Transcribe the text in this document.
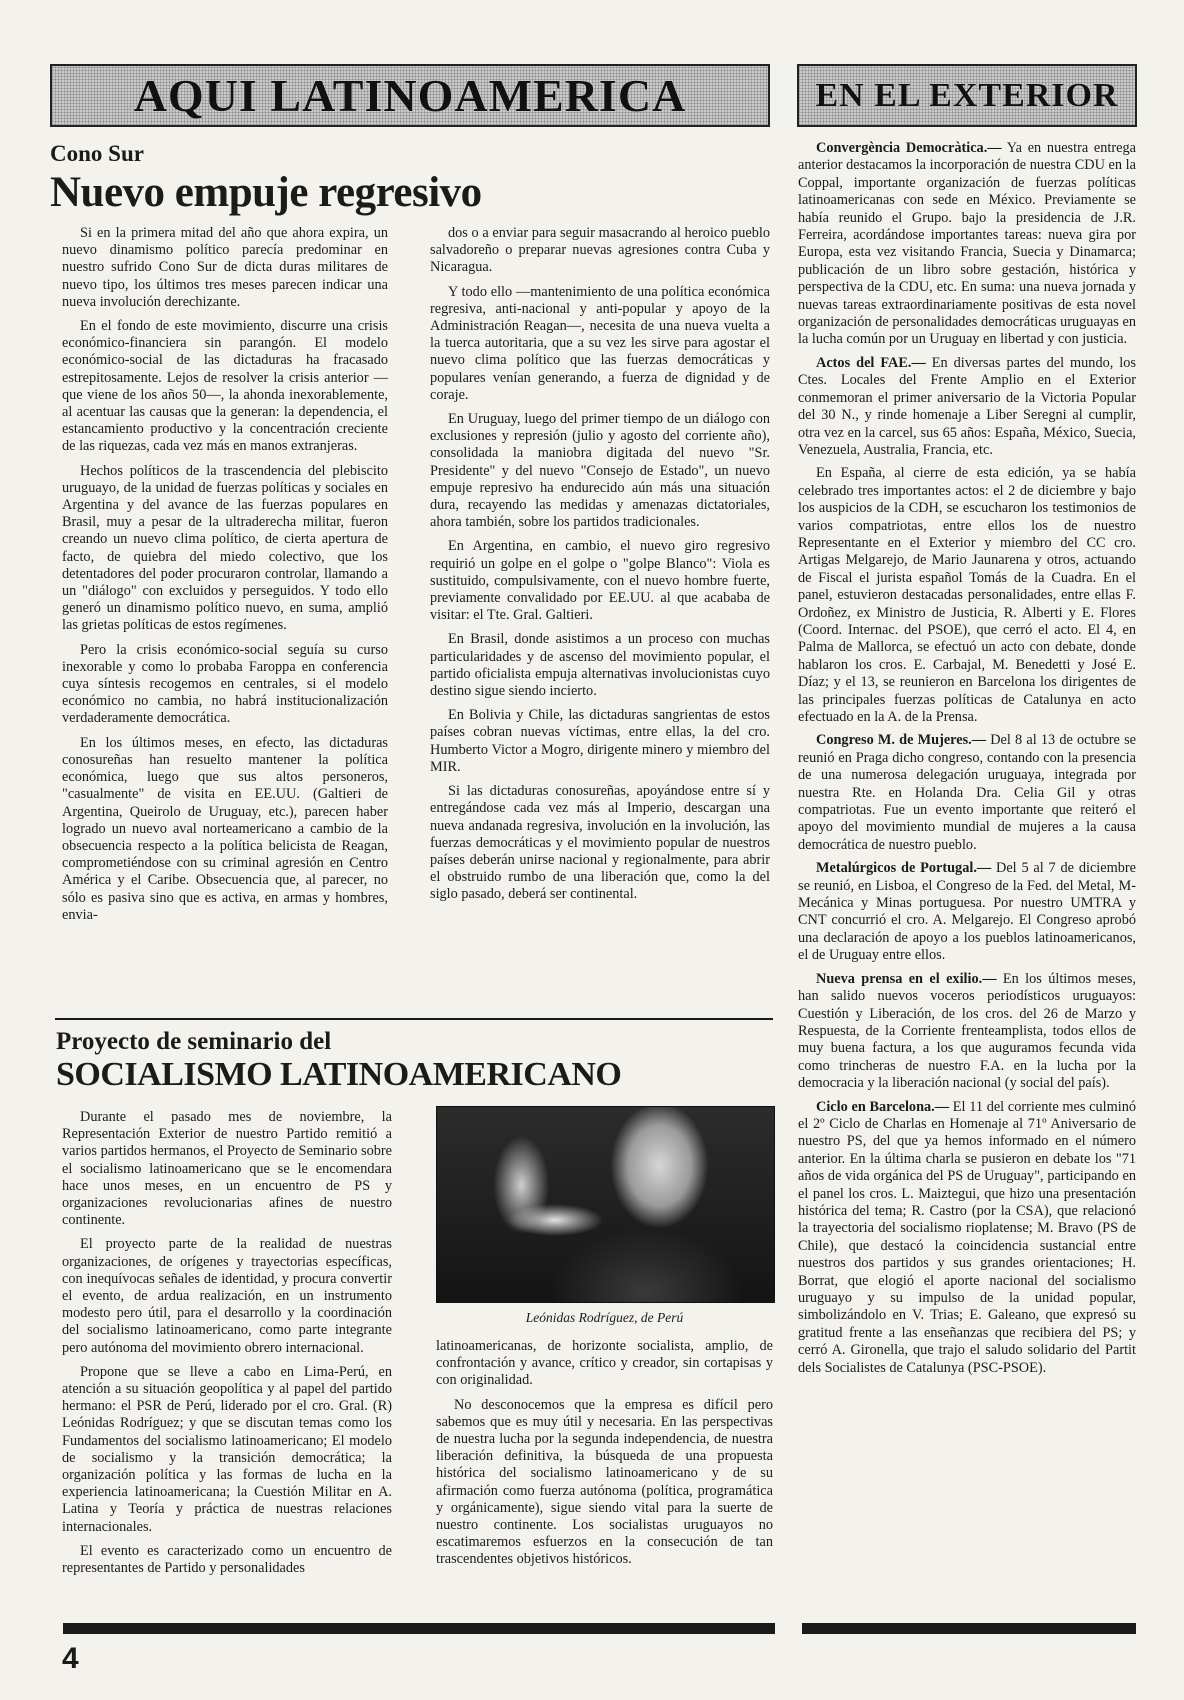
AQUI LATINOAMERICA	EN EL EXTERIOR
Cono Sur
Nuevo empuje regresivo

Si en la primera mitad del año que ahora expira, un nuevo dinamismo político parecía predominar en nuestro sufrido Cono Sur de dicta duras militares de nuevo tipo, los últimos tres meses parecen indicar una nueva involución derechizante.

En el fondo de este movimiento, discurre una crisis económico-financiera sin parangón. El modelo económico-social de las dictaduras ha fracasado estrepitosamente. Lejos de resolver la crisis anterior —que viene de los años 50—, la ahonda inexorablemente, al acentuar las causas que la generan: la dependencia, el estancamiento productivo y la concentración creciente de las riquezas, cada vez más en manos extranjeras.

Hechos políticos de la trascendencia del plebiscito uruguayo, de la unidad de fuerzas políticas y sociales en Argentina y del avance de las fuerzas populares en Brasil, muy a pesar de la ultraderecha militar, fueron creando un nuevo clima político, de cierta apertura de facto, de quiebra del miedo colectivo, que los detentadores del poder procuraron controlar, llamando a un "diálogo" con excluidos y perseguidos. Y todo ello generó un dinamismo político nuevo, en suma, amplió las grietas políticas de estos regímenes.

Pero la crisis económico-social seguía su curso inexorable y como lo probaba Faroppa en conferencia cuya síntesis recogemos en centrales, si el modelo económico no cambia, no habrá institucionalización verdaderamente democrática.

En los últimos meses, en efecto, las dictaduras conosureñas han resuelto mantener la política económica, luego que sus altos personeros, "casualmente" de visita en EE.UU. (Galtieri de Argentina, Queirolo de Uruguay, etc.), parecen haber logrado un nuevo aval norteamericano a cambio de la obsecuencia respecto a la política belicista de Reagan, comprometiéndose con su criminal agresión en Centro América y el Caribe. Obsecuencia que, al parecer, no sólo es pasiva sino que es activa, en armas y hombres, envia-

dos o a enviar para seguir masacrando al heroico pueblo salvadoreño o preparar nuevas agresiones contra Cuba y Nicaragua.

Y todo ello —mantenimiento de una política económica regresiva, anti-nacional y anti-popular y apoyo de la Administración Reagan—, necesita de una nueva vuelta a la tuerca autoritaria, que a su vez les sirve para agostar el nuevo clima político que las fuerzas democráticas y populares venían generando, a fuerza de dignidad y de coraje.

En Uruguay, luego del primer tiempo de un diálogo con exclusiones y represión (julio y agosto del corriente año), consolidada la maniobra digitada del nuevo "Sr. Presidente" y del nuevo "Consejo de Estado", un nuevo empuje represivo ha endurecido aún más una situación dura, recayendo las medidas y amenazas dictatoriales, ahora también, sobre los partidos tradicionales.

En Argentina, en cambio, el nuevo giro regresivo requirió un golpe en el golpe o "golpe Blanco": Viola es sustituido, compulsivamente, con el nuevo hombre fuerte, previamente convalidado por EE.UU. al que acababa de visitar: el Tte. Gral. Galtieri.

En Brasil, donde asistimos a un proceso con muchas particularidades y de ascenso del movimiento popular, el partido oficialista empuja alternativas involucionistas cuyo destino sigue siendo incierto.

En Bolivia y Chile, las dictaduras sangrientas de estos países cobran nuevas víctimas, entre ellas, la del cro. Humberto Victor a Mogro, dirigente minero y miembro del MIR.

Si las dictaduras conosureñas, apoyándose entre sí y entregándose cada vez más al Imperio, descargan una nueva andanada regresiva, involución en la involución, las fuerzas democráticas y el movimiento popular de nuestros países deberán unirse nacional y regionalmente, para abrir el obstruido rumbo de una liberación que, como la del siglo pasado, deberá ser continental.

Proyecto de seminario del
SOCIALISMO LATINOAMERICANO

Durante el pasado mes de noviembre, la Representación Exterior de nuestro Partido remitió a varios partidos hermanos, el Proyecto de Seminario sobre el socialismo latinoamericano que se le encomendara hace unos meses, en un encuentro de PS y organizaciones revolucionarias afines de nuestro continente.

El proyecto parte de la realidad de nuestras organizaciones, de orígenes y trayectorias específicas, con inequívocas señales de identidad, y procura convertir el evento, de ardua realización, en un instrumento modesto pero útil, para el desarrollo y la coordinación del socialismo latinoamericano, como parte integrante pero autónoma del movimiento obrero internacional.

Propone que se lleve a cabo en Lima-Perú, en atención a su situación geopolítica y al papel del partido hermano: el PSR de Perú, liderado por el cro. Gral. (R) Leónidas Rodríguez; y que se discutan temas como los Fundamentos del socialismo latinoamericano; El modelo de socialismo y la transición democrática; la organización política y las formas de lucha en la experiencia latinoamericana; la Cuestión Militar en A. Latina y Teoría y práctica de nuestras relaciones internacionales.

El evento es caracterizado como un encuentro de representantes de Partido y personalidades

Leónidas Rodríguez, de Perú

latinoamericanas, de horizonte socialista, amplio, de confrontación y avance, crítico y creador, sin cortapisas y con originalidad.

No desconocemos que la empresa es difícil pero sabemos que es muy útil y necesaria. En las perspectivas de nuestra lucha por la segunda independencia, de nuestra liberación definitiva, la búsqueda de una propuesta histórica del socialismo latinoamericano y de su afirmación como fuerza autónoma (política, programática y orgánicamente), sigue siendo vital para la suerte de nuestro continente. Los socialistas uruguayos no escatimaremos esfuerzos en la consecución de tan trascendentes objetivos históricos.

Convergència Democràtica.— Ya en nuestra entrega anterior destacamos la incorporación de nuestra CDU en la Coppal, importante organización de fuerzas políticas latinoamericanas con sede en México. Previamente se había reunido el Grupo. bajo la presidencia de J.R. Ferreira, acordándose importantes tareas: nueva gira por Europa, esta vez visitando Francia, Suecia y Dinamarca; publicación de un libro sobre gestación, histórica y perspectiva de la CDU, etc. En suma: una nueva jornada y nuevas tareas extraordinariamente positivas de esta novel organización de personalidades democráticas uruguayas en la lucha común por un Uruguay en libertad y con justicia.

Actos del FAE.— En diversas partes del mundo, los Ctes. Locales del Frente Amplio en el Exterior conmemoran el primer aniversario de la Victoria Popular del 30 N., y rinde homenaje a Liber Seregni al cumplir, otra vez en la carcel, sus 65 años: España, México, Suecia, Venezuela, Australia, Francia, etc.

En España, al cierre de esta edición, ya se había celebrado tres importantes actos: el 2 de diciembre y bajo los auspicios de la CDH, se escucharon los testimonios de varios compatriotas, entre ellos los de nuestro Representante en el Exterior y miembro del CC cro. Artigas Melgarejo, de Mario Jaunarena y otros, actuando de Fiscal el jurista español Tomás de la Cuadra. En el panel, estuvieron destacadas personalidades, entre ellas F. Ordoñez, ex Ministro de Justicia, R. Alberti y E. Flores (Coord. Internac. del PSOE), que cerró el acto. El 4, en Palma de Mallorca, se efectuó un acto con debate, donde hablaron los cros. E. Carbajal, M. Benedetti y José E. Díaz; y el 13, se reunieron en Barcelona los dirigentes de las principales fuerzas políticas de Catalunya en acto efectuado en la A. de la Prensa.

Congreso M. de Mujeres.— Del 8 al 13 de octubre se reunió en Praga dicho congreso, contando con la presencia de una numerosa delegación uruguaya, integrada por nuestra Rte. en Holanda Dra. Celia Gil y otras compatriotas. Fue un evento importante que reiteró el apoyo del movimiento mundial de mujeres a la causa democrática de nuestro pueblo.

Metalúrgicos de Portugal.— Del 5 al 7 de diciembre se reunió, en Lisboa, el Congreso de la Fed. del Metal, M-Mecánica y Minas portuguesa. Por nuestro UMTRA y CNT concurrió el cro. A. Melgarejo. El Congreso aprobó una declaración de apoyo a los pueblos latinoamericanos, el de Uruguay entre ellos.

Nueva prensa en el exilio.— En los últimos meses, han salido nuevos voceros periodísticos uruguayos: Cuestión y Liberación, de los cros. del 26 de Marzo y Respuesta, de la Corriente frenteamplista, todos ellos de muy buena factura, a los que auguramos fecunda vida como trincheras de nuestro F.A. en la lucha por la democracia y la liberación nacional (y social del país).

Ciclo en Barcelona.— El 11 del corriente mes culminó el 2º Ciclo de Charlas en Homenaje al 71º Aniversario de nuestro PS, del que ya hemos informado en el número anterior. En la última charla se pusieron en debate los "71 años de vida orgánica del PS de Uruguay", participando en el panel los cros. L. Maiztegui, que hizo una presentación histórica del tema; R. Castro (por la CSA), que relacionó la trayectoria del socialismo rioplatense; M. Bravo (PS de Chile), que destacó la coincidencia sustancial entre nuestros dos partidos y sus grandes orientaciones; H. Borrat, que elogió el aporte nacional del socialismo uruguayo y su impulso de la unidad popular, simbolizándolo en V. Trias; E. Galeano, que expresó su gratitud frente a las enseñanzas que recibiera del PS; y cerró A. Gironella, que trajo el saludo solidario del Partit dels Socialistes de Catalunya (PSC-PSOE).

4
